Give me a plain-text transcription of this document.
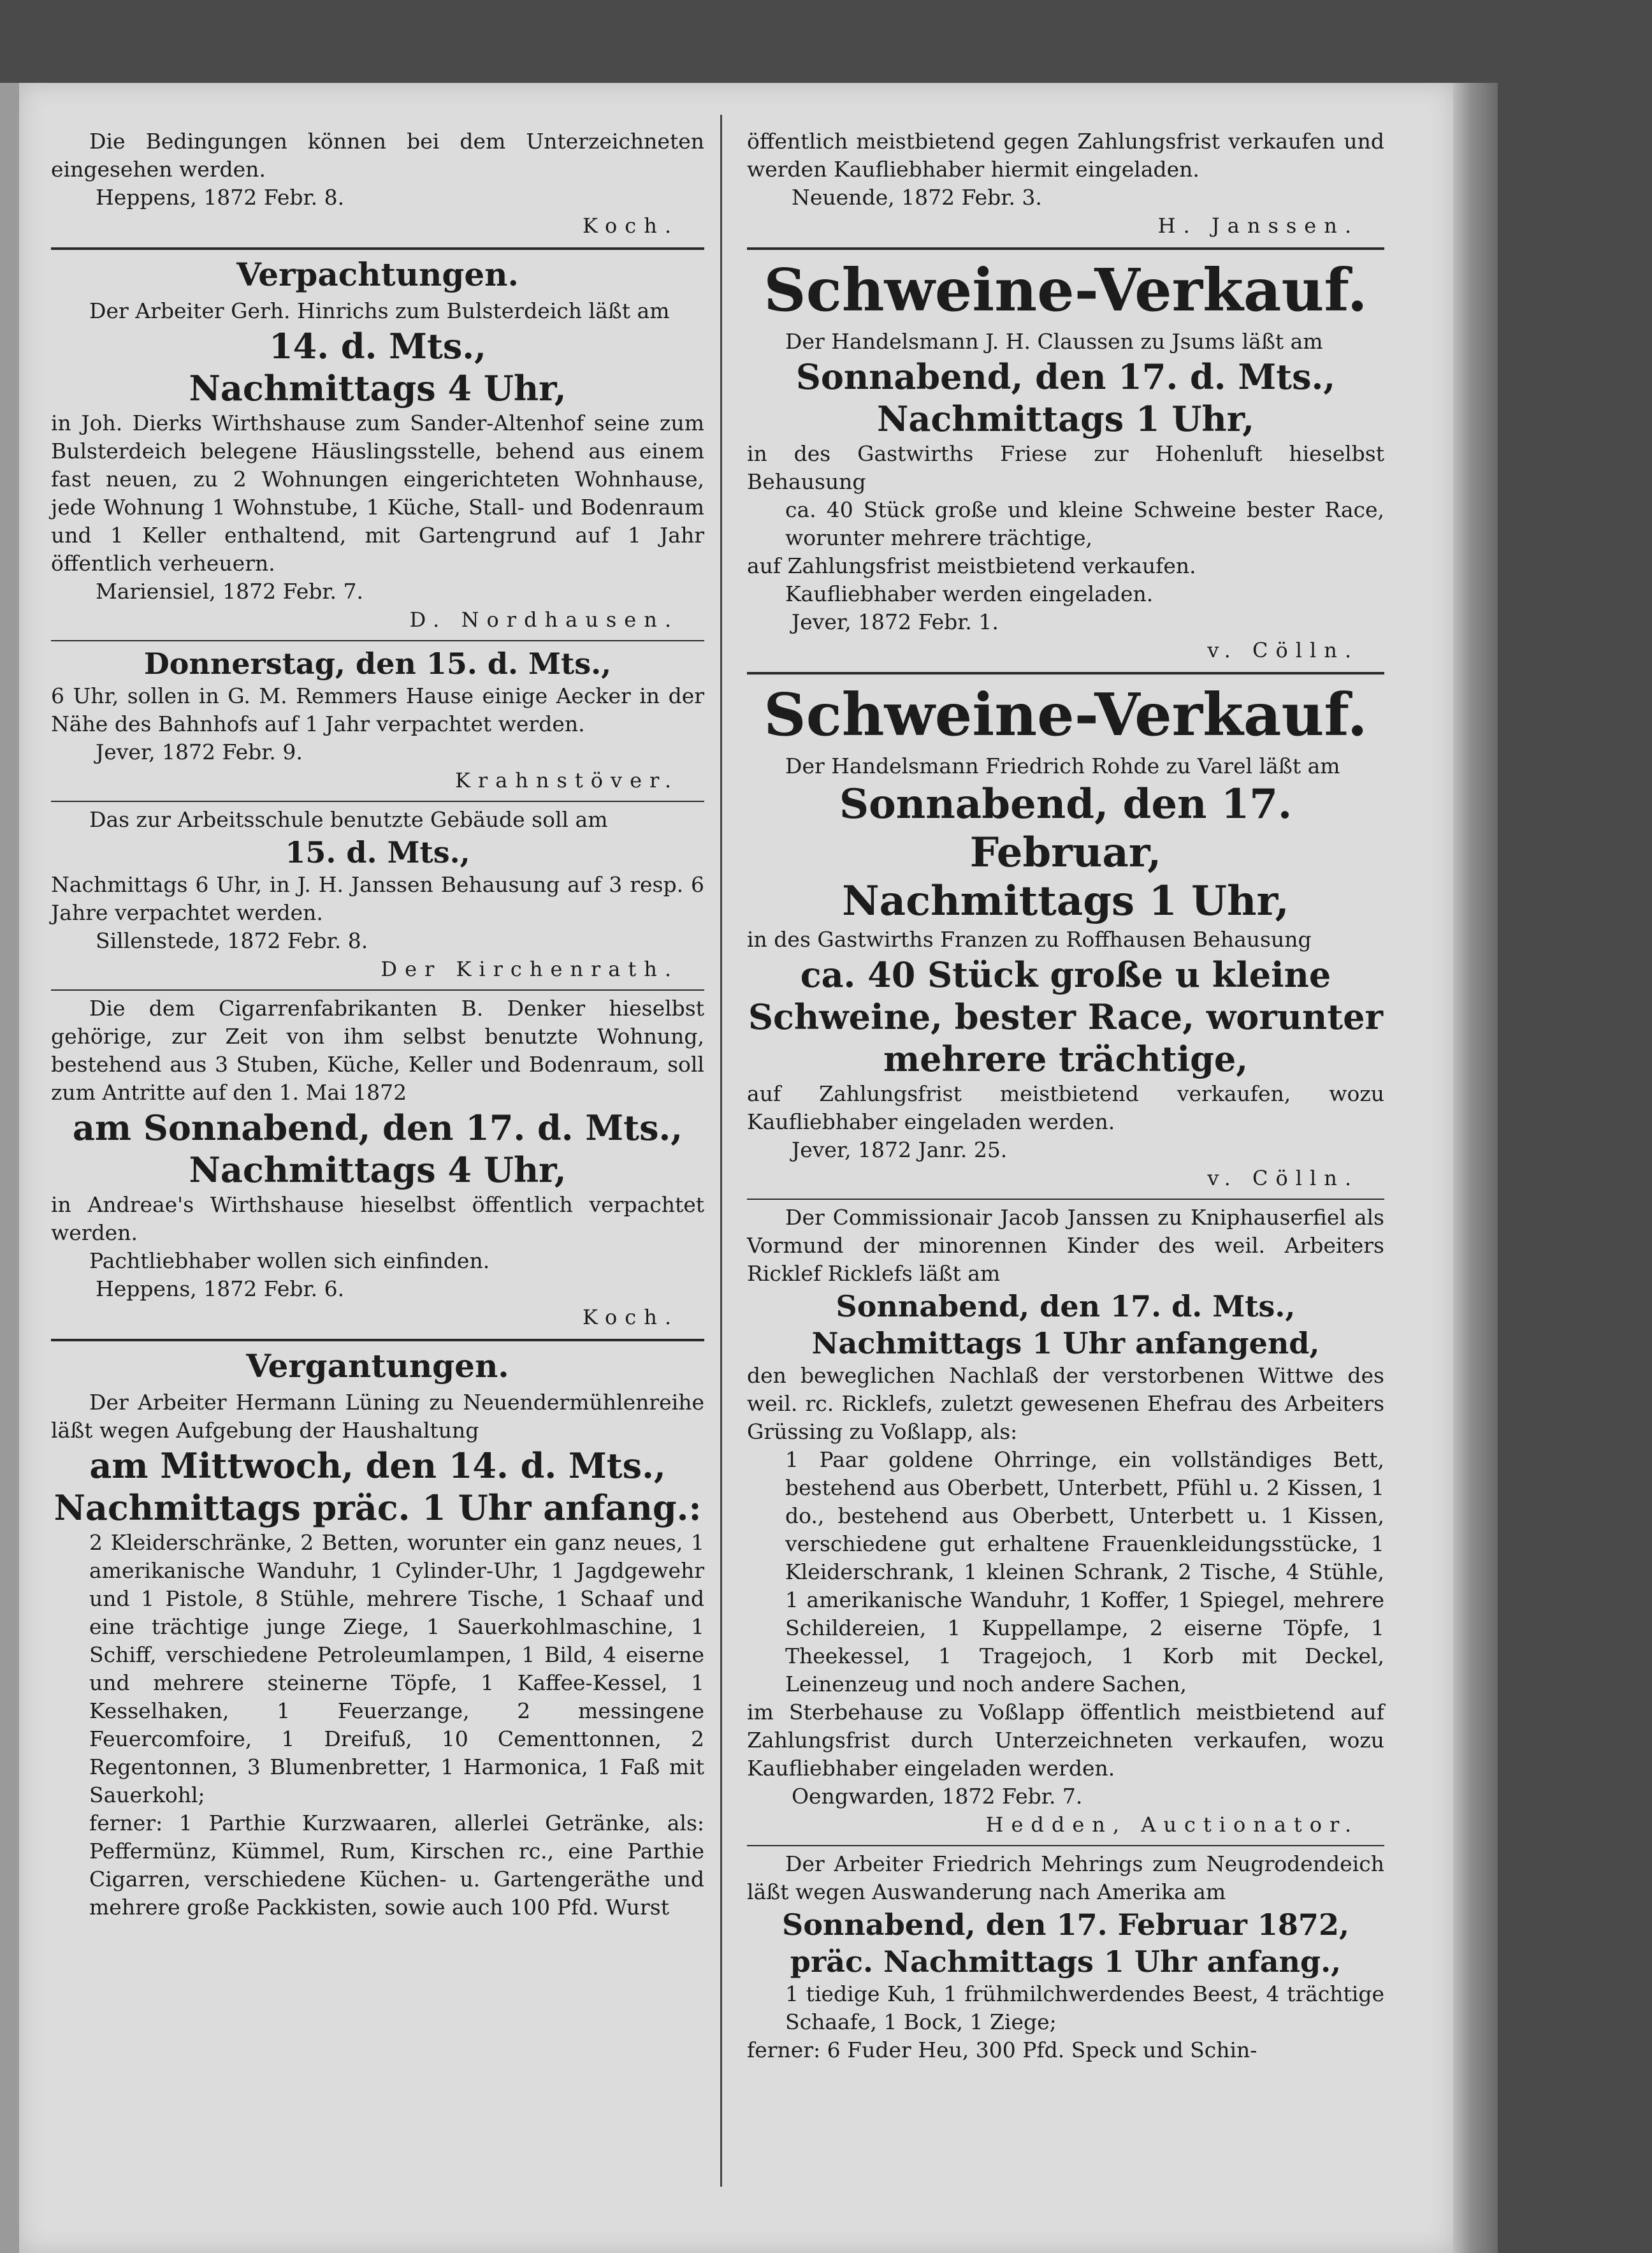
Die Bedingungen können bei dem Unterzeichneten eingesehen werden.

Heppens, 1872 Febr. 8.

Koch.

Verpachtungen.

Der Arbeiter Gerh. Hinrichs zum Bulsterdeich läßt am

14. d. Mts.,

Nachmittags 4 Uhr,

in Joh. Dierks Wirthshause zum Sander-Altenhof seine zum Bulsterdeich belegene Häuslingsstelle, behend aus einem fast neuen, zu 2 Wohnungen eingerichteten Wohnhause, jede Wohnung 1 Wohnstube, 1 Küche, Stall- und Bodenraum und 1 Keller enthaltend, mit Gartengrund auf 1 Jahr öffentlich verheuern.

Mariensiel, 1872 Febr. 7.

D. Nordhausen.

Donnerstag, den 15. d. Mts.,

6 Uhr, sollen in G. M. Remmers Hause einige Aecker in der Nähe des Bahnhofs auf 1 Jahr verpachtet werden.

Jever, 1872 Febr. 9.

Krahnstöver.

Das zur Arbeitsschule benutzte Gebäude soll am

15. d. Mts.,

Nachmittags 6 Uhr, in J. H. Janssen Behausung auf 3 resp. 6 Jahre verpachtet werden.

Sillenstede, 1872 Febr. 8.

Der Kirchenrath.

Die dem Cigarrenfabrikanten B. Denker hieselbst gehörige, zur Zeit von ihm selbst benutzte Wohnung, bestehend aus 3 Stuben, Küche, Keller und Bodenraum, soll zum Antritte auf den 1. Mai 1872

am Sonnabend, den 17. d. Mts.,

Nachmittags 4 Uhr,

in Andreae's Wirthshause hieselbst öffentlich verpachtet werden.

Pachtliebhaber wollen sich einfinden.

Heppens, 1872 Febr. 6.

Koch.

Vergantungen.

Der Arbeiter Hermann Lüning zu Neuendermühlenreihe läßt wegen Aufgebung der Haushaltung

am Mittwoch, den 14. d. Mts.,

Nachmittags präc. 1 Uhr anfang.:

2 Kleiderschränke, 2 Betten, worunter ein ganz neues, 1 amerikanische Wanduhr, 1 Cylinder-Uhr, 1 Jagdgewehr und 1 Pistole, 8 Stühle, mehrere Tische, 1 Schaaf und eine trächtige junge Ziege, 1 Sauerkohlmaschine, 1 Schiff, verschiedene Petroleumlampen, 1 Bild, 4 eiserne und mehrere steinerne Töpfe, 1 Kaffee-Kessel, 1 Kesselhaken, 1 Feuerzange, 2 messingene Feuercomfoire, 1 Dreifuß, 10 Cementtonnen, 2 Regentonnen, 3 Blumenbretter, 1 Harmonica, 1 Faß mit Sauerkohl;

ferner: 1 Parthie Kurzwaaren, allerlei Getränke, als: Peffermünz, Kümmel, Rum, Kirschen rc., eine Parthie Cigarren, verschiedene Küchen- u. Gartengeräthe und mehrere große Packkisten, sowie auch 100 Pfd. Wurst

öffentlich meistbietend gegen Zahlungsfrist verkaufen und werden Kaufliebhaber hiermit eingeladen.

Neuende, 1872 Febr. 3.

H. Janssen.

Schweine-Verkauf.

Der Handelsmann J. H. Claussen zu Jsums läßt am

Sonnabend, den 17. d. Mts.,

Nachmittags 1 Uhr,

in des Gastwirths Friese zur Hohenluft hieselbst Behausung

ca. 40 Stück große und kleine Schweine bester Race, worunter mehrere trächtige,

auf Zahlungsfrist meistbietend verkaufen.

Kaufliebhaber werden eingeladen.

Jever, 1872 Febr. 1.

v. Cölln.

Schweine-Verkauf.

Der Handelsmann Friedrich Rohde zu Varel läßt am

Sonnabend, den 17. Februar,

Nachmittags 1 Uhr,

in des Gastwirths Franzen zu Roffhausen Behausung

ca. 40 Stück große u kleine Schweine, bester Race, worunter mehrere trächtige,

auf Zahlungsfrist meistbietend verkaufen, wozu Kaufliebhaber eingeladen werden.

Jever, 1872 Janr. 25.

v. Cölln.

Der Commissionair Jacob Janssen zu Kniphauserfiel als Vormund der minorennen Kinder des weil. Arbeiters Ricklef Ricklefs läßt am

Sonnabend, den 17. d. Mts.,

Nachmittags 1 Uhr anfangend,

den beweglichen Nachlaß der verstorbenen Wittwe des weil. rc. Ricklefs, zuletzt gewesenen Ehefrau des Arbeiters Grüssing zu Voßlapp, als:

1 Paar goldene Ohrringe, ein vollständiges Bett, bestehend aus Oberbett, Unterbett, Pfühl u. 2 Kissen, 1 do., bestehend aus Oberbett, Unterbett u. 1 Kissen, verschiedene gut erhaltene Frauenkleidungsstücke, 1 Kleiderschrank, 1 kleinen Schrank, 2 Tische, 4 Stühle, 1 amerikanische Wanduhr, 1 Koffer, 1 Spiegel, mehrere Schildereien, 1 Kuppellampe, 2 eiserne Töpfe, 1 Theekessel, 1 Tragejoch, 1 Korb mit Deckel, Leinenzeug und noch andere Sachen,

im Sterbehause zu Voßlapp öffentlich meistbietend auf Zahlungsfrist durch Unterzeichneten verkaufen, wozu Kaufliebhaber eingeladen werden.

Oengwarden, 1872 Febr. 7.

Hedden, Auctionator.

Der Arbeiter Friedrich Mehrings zum Neugrodendeich läßt wegen Auswanderung nach Amerika am

Sonnabend, den 17. Februar 1872,

präc. Nachmittags 1 Uhr anfang.,

1 tiedige Kuh, 1 frühmilchwerdendes Beest, 4 trächtige Schaafe, 1 Bock, 1 Ziege;

ferner: 6 Fuder Heu, 300 Pfd. Speck und Schin-
